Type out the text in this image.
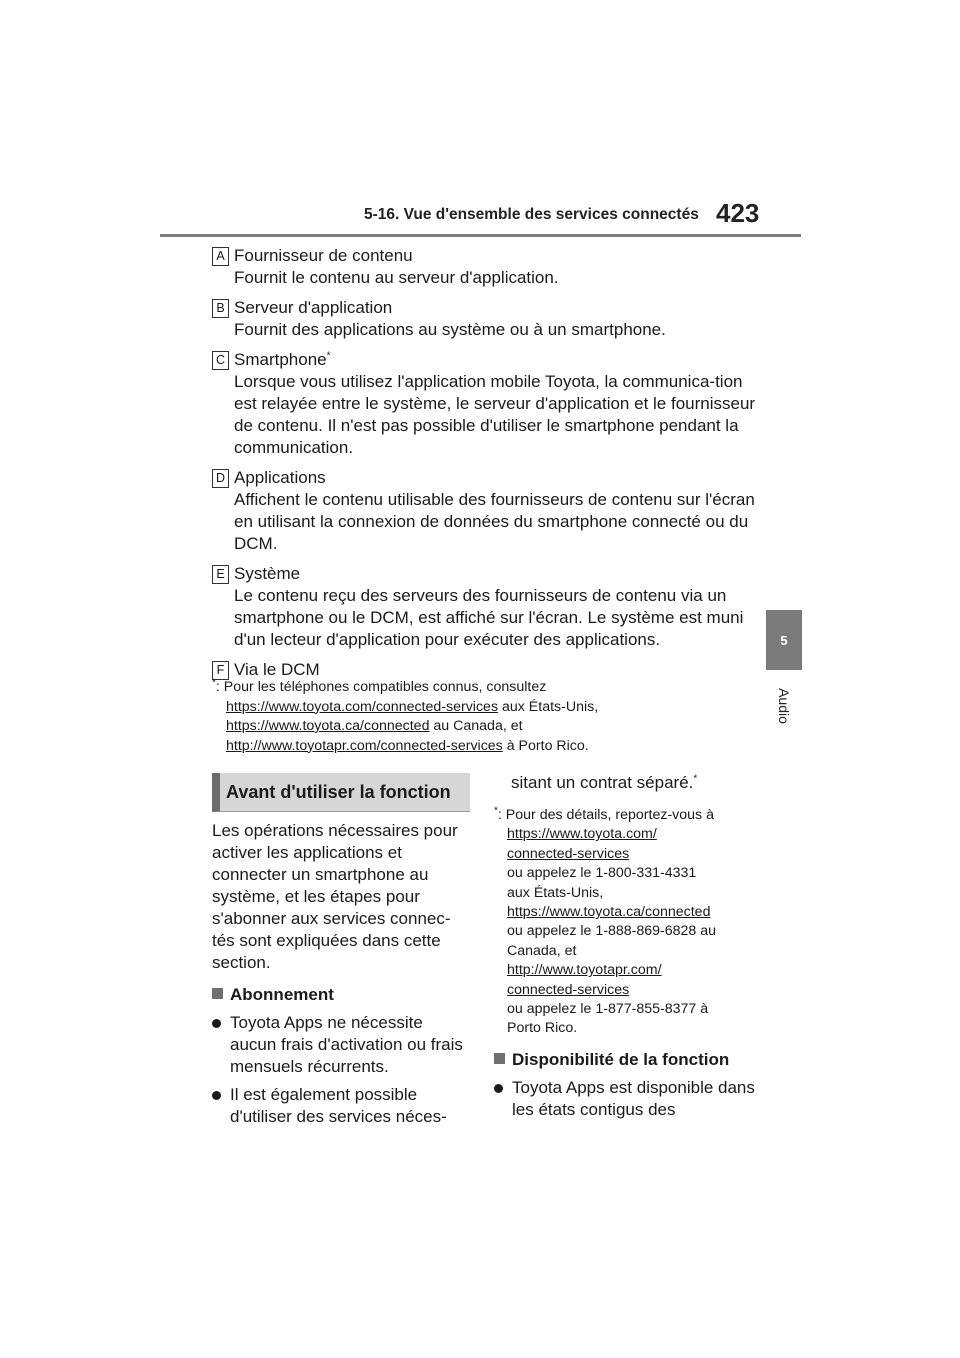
5-16. Vue d'ensemble des services connectés 423
5
Audio
A Fournisseur de contenu
Fournit le contenu au serveur d'application.
B Serveur d'application
Fournit des applications au système ou à un smartphone.
C Smartphone*
Lorsque vous utilisez l'application mobile Toyota, la communica-tion est relayée entre le système, le serveur d'application et le fournisseur de contenu. Il n'est pas possible d'utiliser le smartphone pendant la communication.
D Applications
Affichent le contenu utilisable des fournisseurs de contenu sur l'écran en utilisant la connexion de données du smartphone connecté ou du DCM.
E Système
Le contenu reçu des serveurs des fournisseurs de contenu via un smartphone ou le DCM, est affiché sur l'écran. Le système est muni d'un lecteur d'application pour exécuter des applications.
F Via le DCM
*: Pour les téléphones compatibles connus, consultez
https://www.toyota.com/connected-services aux États-Unis,
https://www.toyota.ca/connected au Canada, et
http://www.toyotapr.com/connected-services à Porto Rico.
Avant d'utiliser la fonction
Les opérations nécessaires pour activer les applications et connecter un smartphone au système, et les étapes pour s'abonner aux services connec-tés sont expliquées dans cette section.
Abonnement
Toyota Apps ne nécessite aucun frais d'activation ou frais mensuels récurrents.
Il est également possible d'utiliser des services néces-
sitant un contrat séparé.*
*: Pour des détails, reportez-vous à
https://www.toyota.com/
connected-services
ou appelez le 1-800-331-4331
aux États-Unis,
https://www.toyota.ca/connected
ou appelez le 1-888-869-6828 au
Canada, et
http://www.toyotapr.com/
connected-services
ou appelez le 1-877-855-8377 à
Porto Rico.
Disponibilité de la fonction
Toyota Apps est disponible dans les états contigus des
